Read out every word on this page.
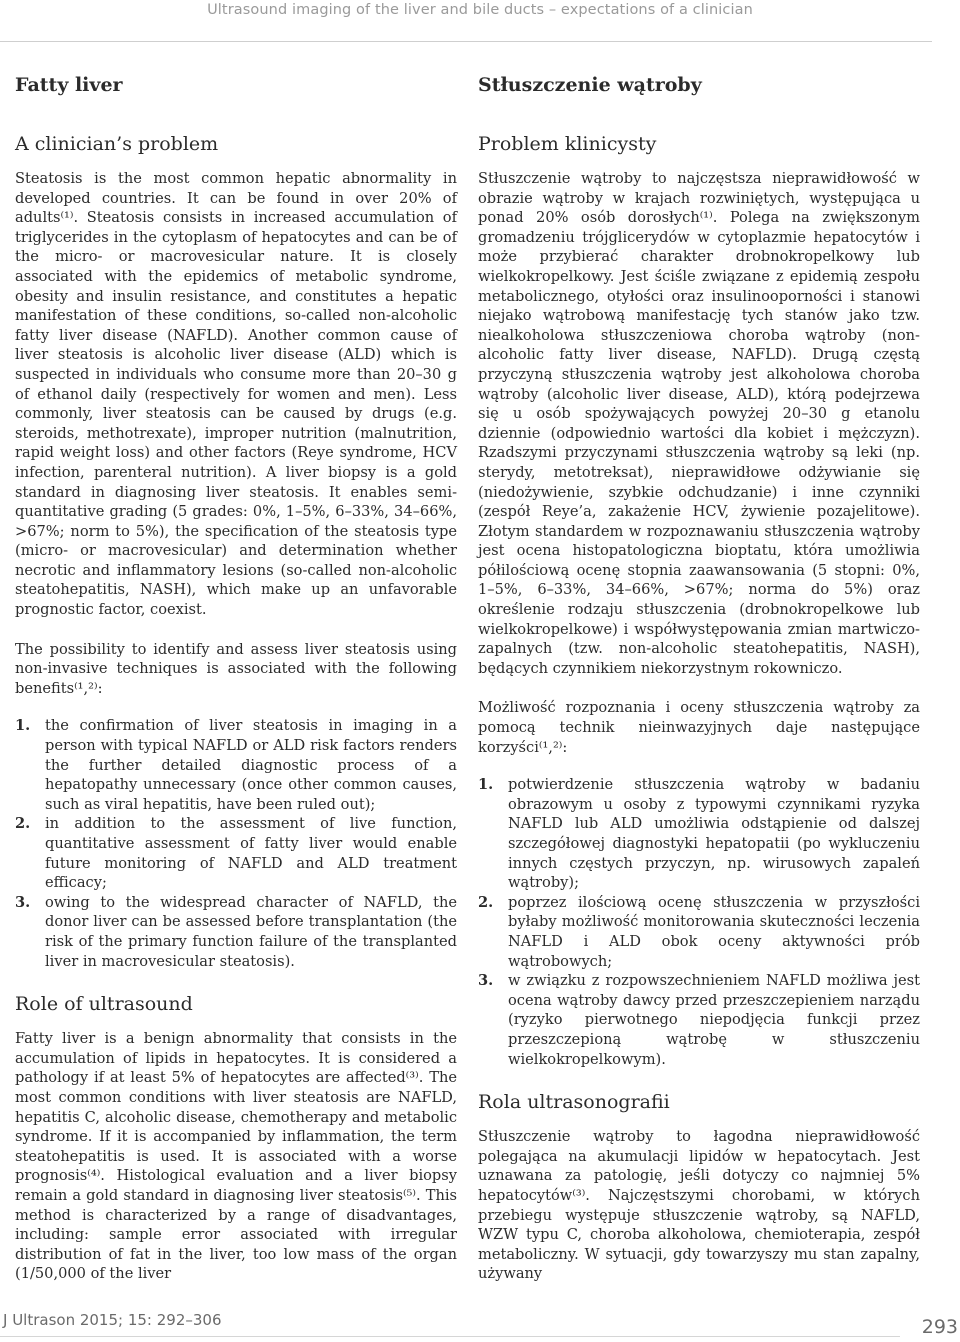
Ultrasound imaging of the liver and bile ducts – expectations of a clinician
Fatty liver
A clinician’s problem

Steatosis is the most common hepatic abnormality in developed countries. It can be found in over 20% of adults⁽¹⁾. Steatosis consists in increased accumulation of triglycerides in the cytoplasm of hepatocytes and can be of the micro- or macrovesicular nature. It is closely associated with the epidemics of metabolic syndrome, obesity and insulin resistance, and constitutes a hepatic manifestation of these conditions, so-called non-alcoholic fatty liver disease (NAFLD). Another common cause of liver steatosis is alcoholic liver disease (ALD) which is suspected in individuals who consume more than 20–30 g of ethanol daily (respectively for women and men). Less commonly, liver steatosis can be caused by drugs (e.g. steroids, methotrexate), improper nutrition (malnutrition, rapid weight loss) and other factors (Reye syndrome, HCV infection, parenteral nutrition). A liver biopsy is a gold standard in diagnosing liver steatosis. It enables semi-quantitative grading (5 grades: 0%, 1–5%, 6–33%, 34–66%, >67%; norm to 5%), the specification of the steatosis type (micro- or macrovesicular) and determination whether necrotic and inflammatory lesions (so-called non-alcoholic steatohepatitis, NASH), which make up an unfavorable prognostic factor, coexist.

The possibility to identify and assess liver steatosis using non-invasive techniques is associated with the following benefits⁽¹,²⁾:

1. the confirmation of liver steatosis in imaging in a person with typical NAFLD or ALD risk factors renders the further detailed diagnostic process of a hepatopathy unnecessary (once other common causes, such as viral hepatitis, have been ruled out);
2. in addition to the assessment of live function, quantitative assessment of fatty liver would enable future monitoring of NAFLD and ALD treatment efficacy;
3. owing to the widespread character of NAFLD, the donor liver can be assessed before transplantation (the risk of the primary function failure of the transplanted liver in macrovesicular steatosis).
Role of ultrasound

Fatty liver is a benign abnormality that consists in the accumulation of lipids in hepatocytes. It is considered a pathology if at least 5% of hepatocytes are affected⁽³⁾. The most common conditions with liver steatosis are NAFLD, hepatitis C, alcoholic disease, chemotherapy and metabolic syndrome. If it is accompanied by inflammation, the term steatohepatitis is used. It is associated with a worse prognosis⁽⁴⁾. Histological evaluation and a liver biopsy remain a gold standard in diagnosing liver steatosis⁽⁵⁾. This method is characterized by a range of disadvantages, including: sample error associated with irregular distribution of fat in the liver, too low mass of the organ (1/50,000 of the liver

Stłuszczenie wątroby
Problem klinicysty

Stłuszczenie wątroby to najczęstsza nieprawidłowość w obrazie wątroby w krajach rozwiniętych, występująca u ponad 20% osób dorosłych⁽¹⁾. Polega na zwiększonym gromadzeniu trójglicerydów w cytoplazmie hepatocytów i może przybierać charakter drobnokropelkowy lub wielkokropelkowy. Jest ściśle związane z epidemią zespołu metabolicznego, otyłości oraz insulinooporności i stanowi niejako wątrobową manifestację tych stanów jako tzw. niealkoholowa stłuszczeniowa choroba wątroby (non-alcoholic fatty liver disease, NAFLD). Drugą częstą przyczyną stłuszczenia wątroby jest alkoholowa choroba wątroby (alcoholic liver disease, ALD), którą podejrzewa się u osób spożywających powyżej 20–30 g etanolu dziennie (odpowiednio wartości dla kobiet i mężczyzn). Rzadszymi przyczynami stłuszczenia wątroby są leki (np. sterydy, metotreksat), nieprawidłowe odżywianie się (niedożywienie, szybkie odchudzanie) i inne czynniki (zespół Reye’a, zakażenie HCV, żywienie pozajelitowe). Złotym standardem w rozpoznawaniu stłuszczenia wątroby jest ocena histopatologiczna bioptatu, która umożliwia półilościową ocenę stopnia zaawansowania (5 stopni: 0%, 1–5%, 6–33%, 34–66%, >67%; norma do 5%) oraz określenie rodzaju stłuszczenia (drobnokropelkowe lub wielkokropelkowe) i współwystępowania zmian martwiczo-zapalnych (tzw. non-alcoholic steatohepatitis, NASH), będących czynnikiem niekorzystnym rokowniczo.

Możliwość rozpoznania i oceny stłuszczenia wątroby za pomocą technik nieinwazyjnych daje następujące korzyści⁽¹,²⁾:

1. potwierdzenie stłuszczenia wątroby w badaniu obrazowym u osoby z typowymi czynnikami ryzyka NAFLD lub ALD umożliwia odstąpienie od dalszej szczegółowej diagnostyki hepatopatii (po wykluczeniu innych częstych przyczyn, np. wirusowych zapaleń wątroby);
2. poprzez ilościową ocenę stłuszczenia w przyszłości byłaby możliwość monitorowania skuteczności leczenia NAFLD i ALD obok oceny aktywności prób wątrobowych;
3. w związku z rozpowszechnieniem NAFLD możliwa jest ocena wątroby dawcy przed przeszczepieniem narządu (ryzyko pierwotnego niepodjęcia funkcji przez przeszczepioną wątrobę w stłuszczeniu wielkokropelkowym).
Rola ultrasonografii

Stłuszczenie wątroby to łagodna nieprawidłowość polegająca na akumulacji lipidów w hepatocytach. Jest uznawana za patologię, jeśli dotyczy co najmniej 5% hepatocytów⁽³⁾. Najczęstszymi chorobami, w których przebiegu występuje stłuszczenie wątroby, są NAFLD, WZW typu C, choroba alkoholowa, chemioterapia, zespół metaboliczny. W sytuacji, gdy towarzyszy mu stan zapalny, używany

J Ultrason 2015; 15: 292–306	293
